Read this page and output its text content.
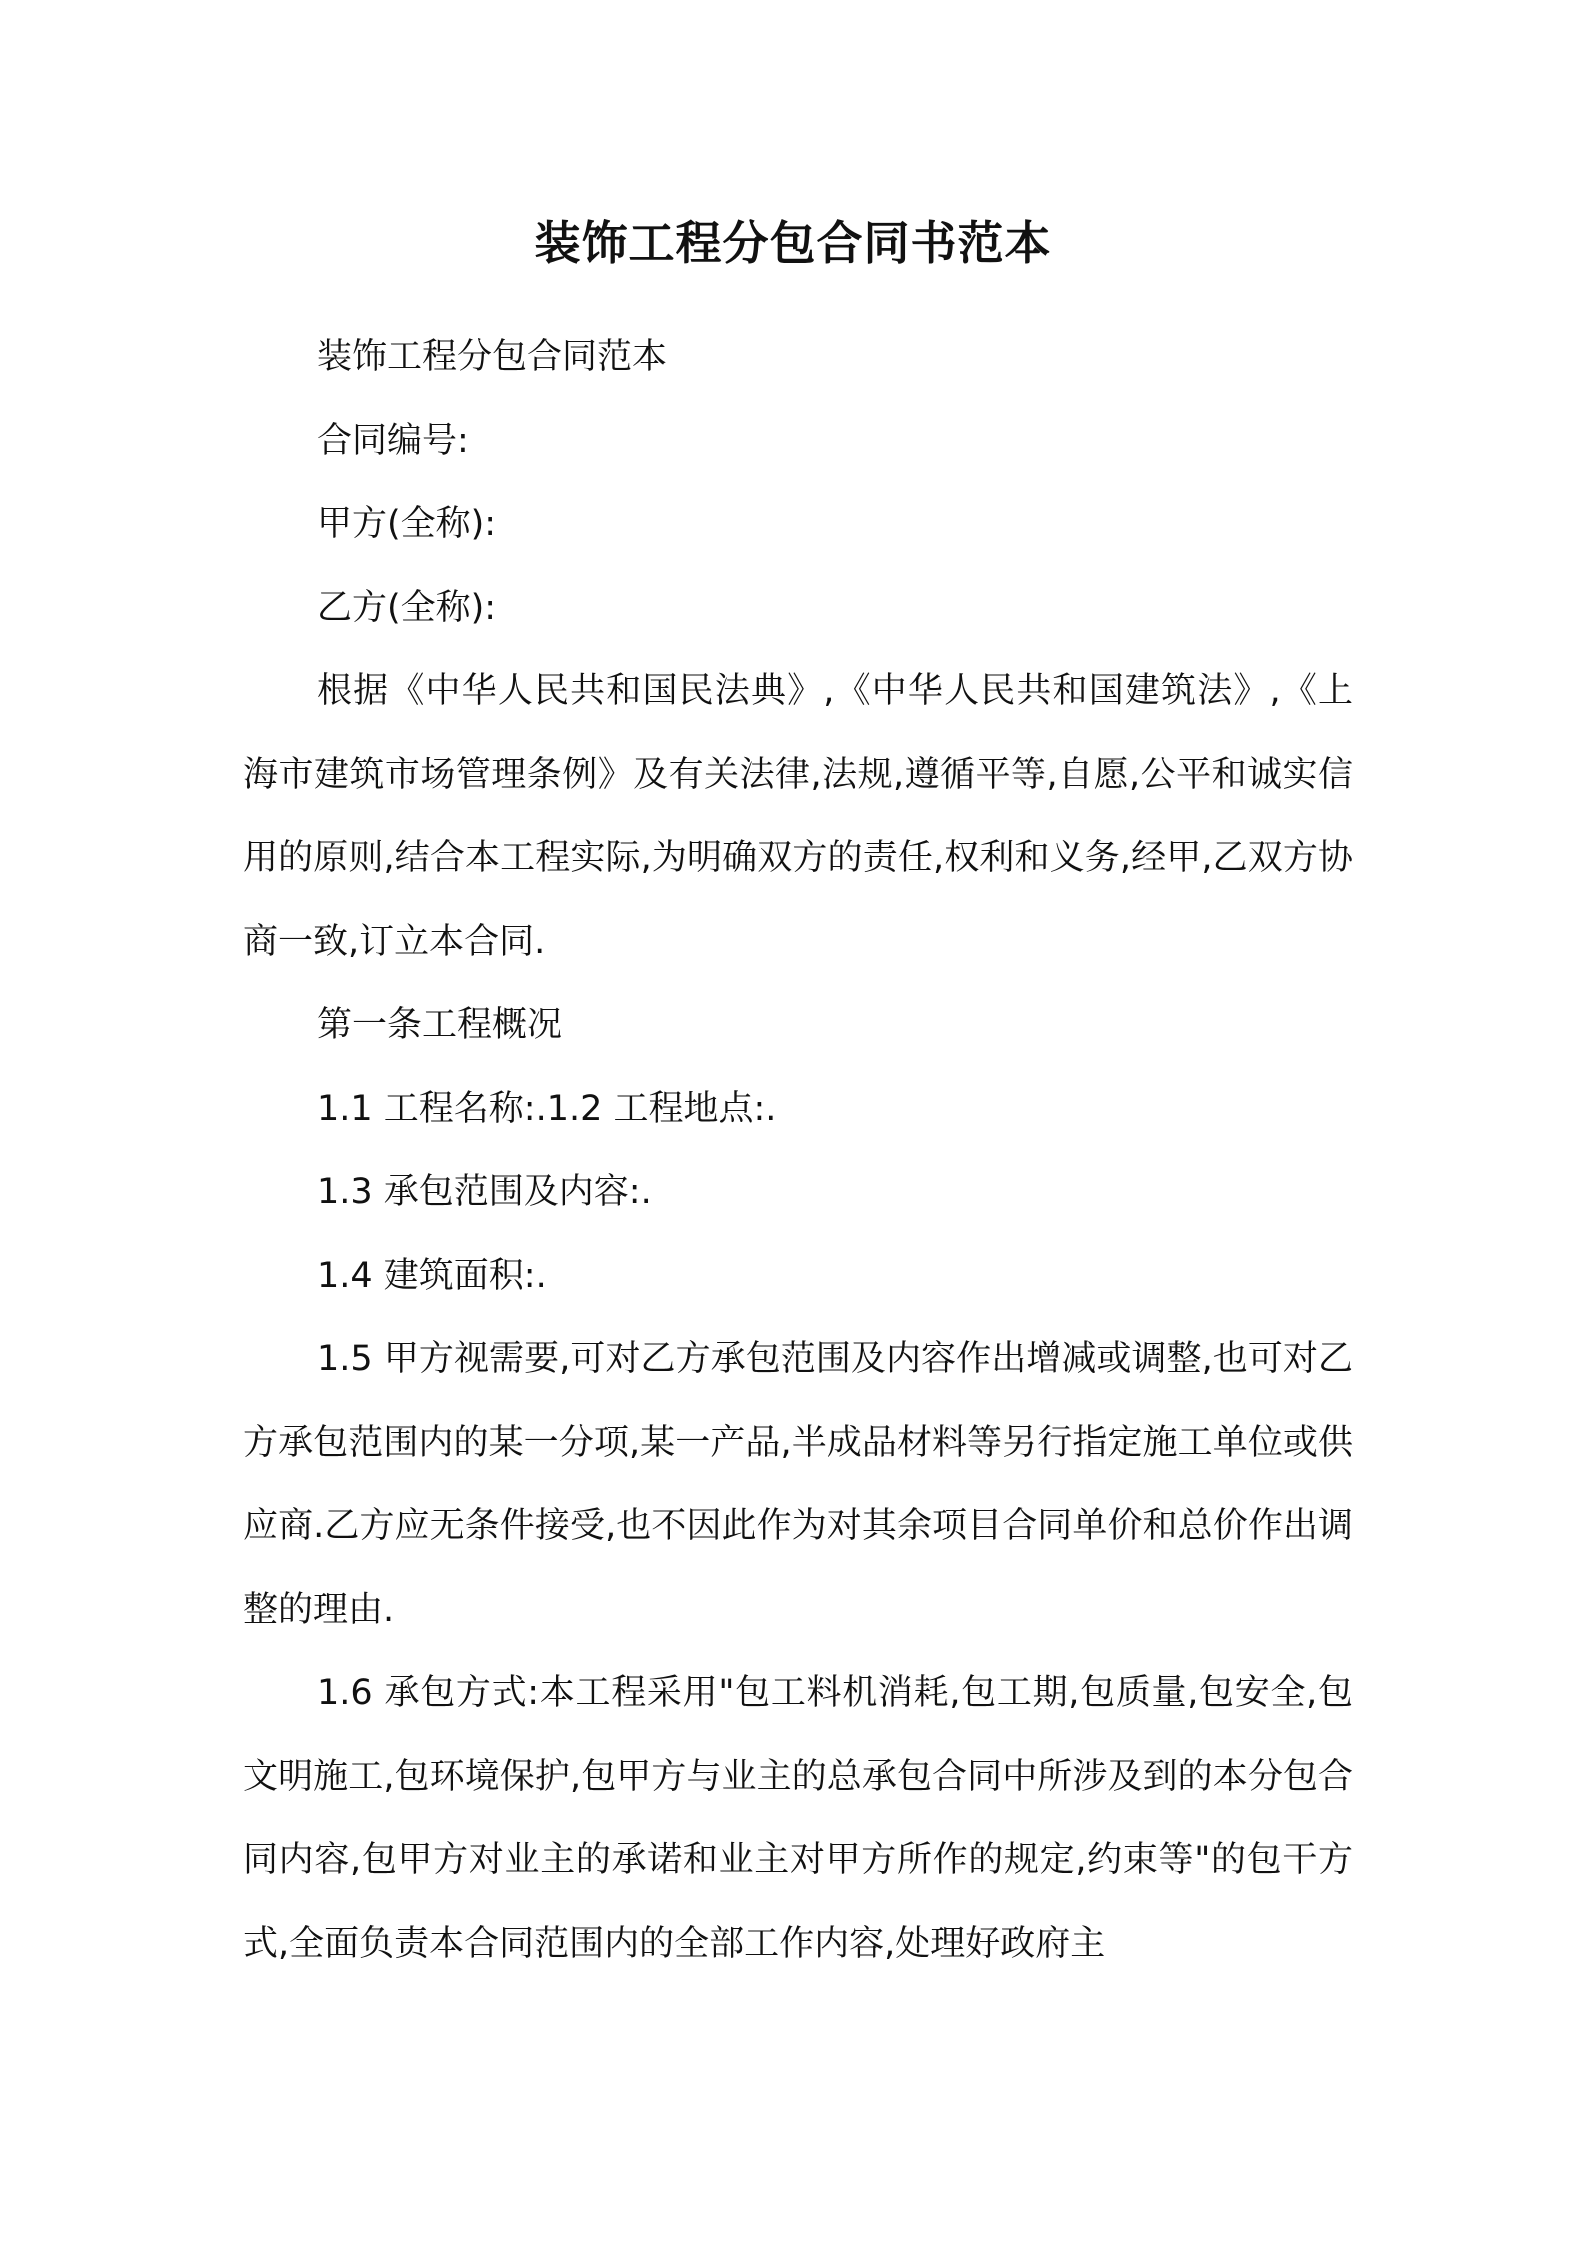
装饰工程分包合同书范本

装饰工程分包合同范本

合同编号:

甲方(全称):

乙方(全称):

根据《中华人民共和国民法典》,《中华人民共和国建筑法》,《上海市建筑市场管理条例》及有关法律,法规,遵循平等,自愿,公平和诚实信用的原则,结合本工程实际,为明确双方的责任,权利和义务,经甲,乙双方协商一致,订立本合同.

第一条工程概况

1.1 工程名称:.1.2 工程地点:.

1.3 承包范围及内容:.

1.4 建筑面积:.

1.5 甲方视需要,可对乙方承包范围及内容作出增减或调整,也可对乙方承包范围内的某一分项,某一产品,半成品材料等另行指定施工单位或供应商.乙方应无条件接受,也不因此作为对其余项目合同单价和总价作出调整的理由.

1.6 承包方式:本工程采用"包工料机消耗,包工期,包质量,包安全,包文明施工,包环境保护,包甲方与业主的总承包合同中所涉及到的本分包合同内容,包甲方对业主的承诺和业主对甲方所作的规定,约束等"的包干方式,全面负责本合同范围内的全部工作内容,处理好政府主
